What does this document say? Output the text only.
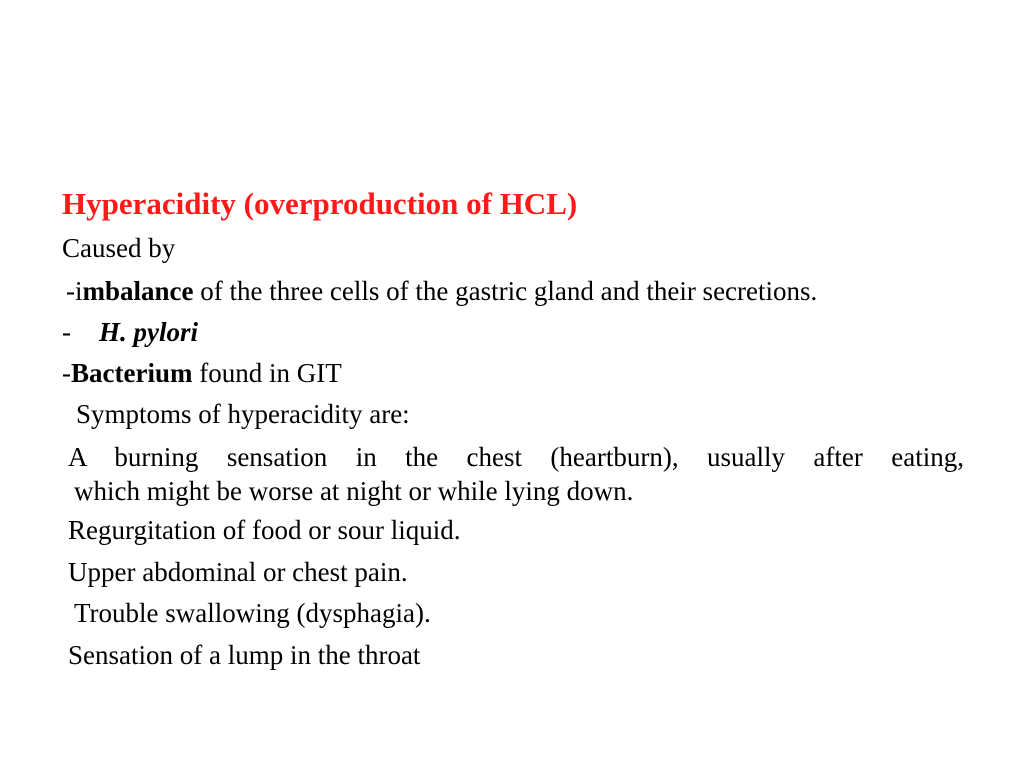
Hyperacidity (overproduction of HCL)
Caused by
-imbalance of the three cells of the gastric gland and their secretions.
- H. pylori
-Bacterium found in GIT
Symptoms of hyperacidity are:
A burning sensation in the chest (heartburn), usually after eating,
which might be worse at night or while lying down.
Regurgitation of food or sour liquid.
Upper abdominal or chest pain.
Trouble swallowing (dysphagia).
Sensation of a lump in the throat
